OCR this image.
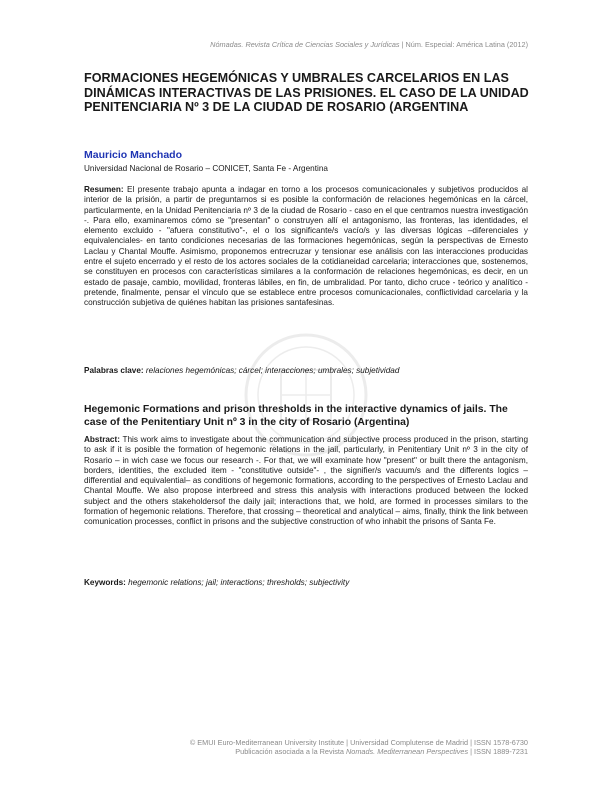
Nómadas. Revista Crítica de Ciencias Sociales y Jurídicas | Núm. Especial: América Latina (2012)
FORMACIONES HEGEMÓNICAS Y UMBRALES CARCELARIOS EN LAS DINÁMICAS INTERACTIVAS DE LAS PRISIONES. EL CASO DE LA UNIDAD PENITENCIARIA Nº 3 DE LA CIUDAD DE ROSARIO (ARGENTINA
Mauricio Manchado
Universidad Nacional de Rosario – CONICET, Santa Fe - Argentina

Resumen: El presente trabajo apunta a indagar en torno a los procesos comunicacionales y subjetivos producidos al interior de la prisión, a partir de preguntarnos si es posible la conformación de relaciones hegemónicas en la cárcel, particularmente, en la Unidad Penitenciaria nº 3 de la ciudad de Rosario - caso en el que centramos nuestra investigación -. Para ello, examinaremos cómo se "presentan" o construyen allí el antagonismo, las fronteras, las identidades, el elemento excluido - "afuera constitutivo"-, el o los significante/s vacío/s y las diversas lógicas –diferenciales y equivalenciales- en tanto condiciones necesarias de las formaciones hegemónicas, según la perspectivas de Ernesto Laclau y Chantal Mouffe. Asimismo, proponemos entrecruzar y tensionar ese análisis con las interacciones producidas entre el sujeto encerrado y el resto de los actores sociales de la cotidianeidad carcelaria; interacciones que, sostenemos, se constituyen en procesos con características similares a la conformación de relaciones hegemónicas, es decir, en un estado de pasaje, cambio, movilidad, fronteras lábiles, en fin, de umbralidad. Por tanto, dicho cruce - teórico y analítico - pretende, finalmente, pensar el vínculo que se establece entre procesos comunicacionales, conflictividad carcelaria y la construcción subjetiva de quiénes habitan las prisiones santafesinas.

Palabras clave: relaciones hegemónicas; cárcel; interacciones; umbrales; subjetividad
Hegemonic Formations and prison thresholds in the interactive dynamics of jails. The case of the Penitentiary Unit nº 3 in the city of Rosario (Argentina)

Abstract: This work aims to investigate about the communication and subjective process produced in the prison, starting to ask if it is posible the formation of hegemonic relations in the jail, particularly, in Penitentiary Unit nº 3 in the city of Rosario – in wich case we focus our research -. For that, we will examinate how "present" or built there the antagonism, borders, identities, the excluded item - "constitutive outside"- , the signifier/s vacuum/s and the differents logics – differential and equivalential– as conditions of hegemonic formations, according to the perspectives of Ernesto Laclau and Chantal Mouffe. We also propose interbreed and stress this analysis with interactions produced between the locked subject and the others stakeholdersof the daily jail; interactions that, we hold, are formed in processes similars to the formation of hegemonic relations. Therefore, that crossing – theoretical and analytical – aims, finally, think the link between comunication processes, conflict in prisons and the subjective construction of who inhabit the prisons of Santa Fe.

Keywords: hegemonic relations; jail; interactions; thresholds; subjectivity
© EMUI Euro-Mediterranean University Institute | Universidad Complutense de Madrid | ISSN 1578-6730
Publicación asociada a la Revista Nomads. Mediterranean Perspectives | ISSN 1889-7231
